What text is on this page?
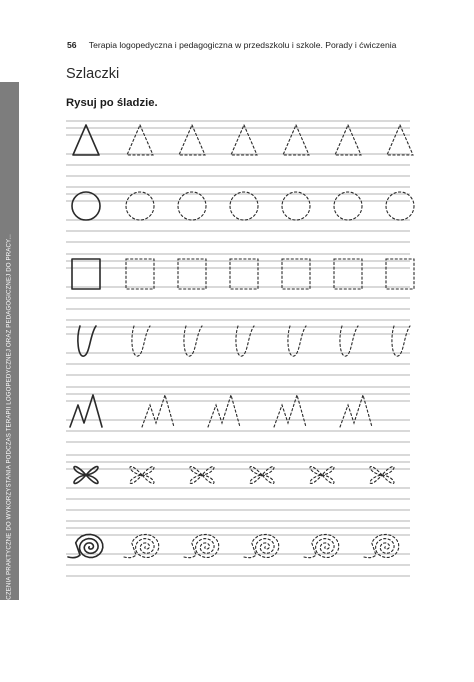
ĆWICZENIA PRAKTYCZNE DO WYKORZYSTANIA PODCZAS TERAPII LOGOPEDYCZNEJ ORAZ PEDAGOGICZNEJ DO PRACY...
56 Terapia logopedyczna i pedagogiczna w przedszkolu i szkole. Porady i ćwiczenia
Szlaczki
Rysuj po śladzie.
